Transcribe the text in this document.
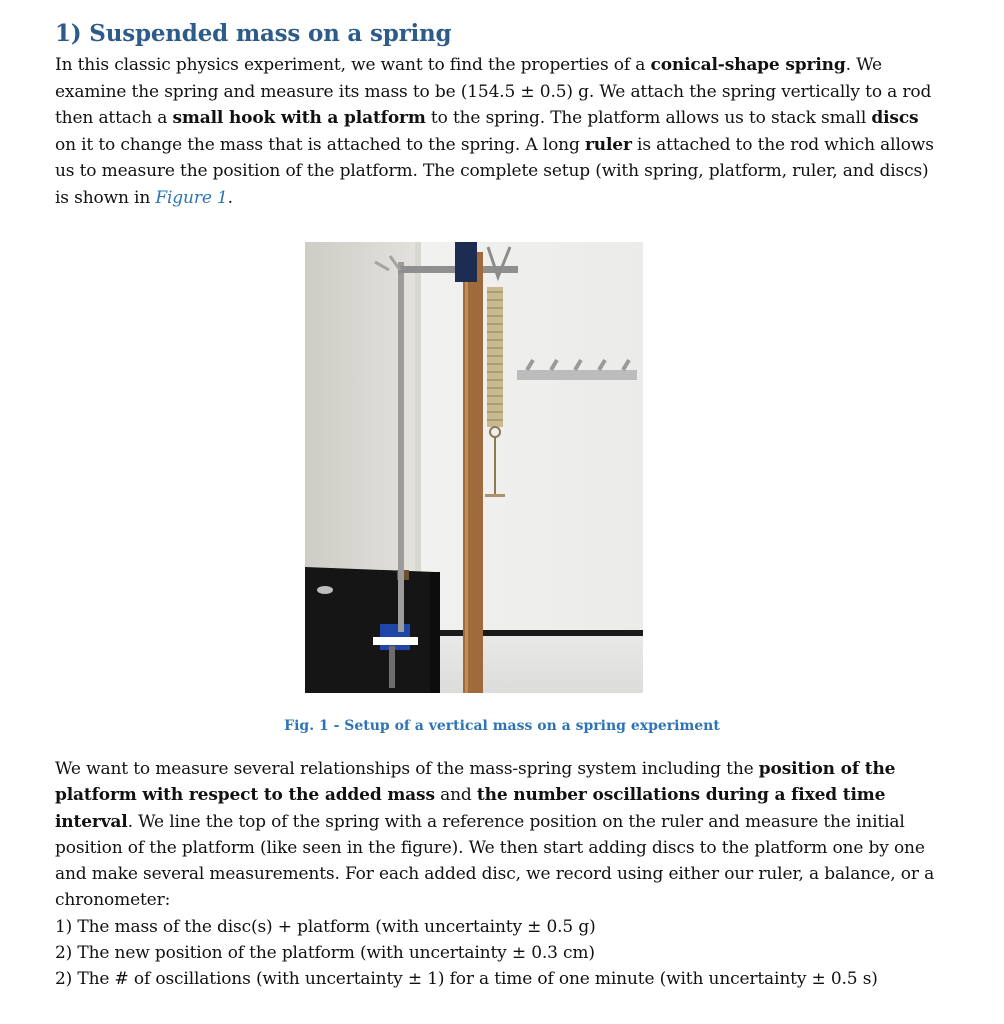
1) Suspended mass on a spring

In this classic physics experiment, we want to find the properties of a conical-shape spring. We examine the spring and measure its mass to be (154.5 ± 0.5) g. We attach the spring vertically to a rod then attach a small hook with a platform to the spring. The platform allows us to stack small discs on it to change the mass that is attached to the spring. A long ruler is attached to the rod which allows us to measure the position of the platform. The complete setup (with spring, platform, ruler, and discs) is shown in Figure 1.

Fig. 1 - Setup of a vertical mass on a spring experiment
We want to measure several relationships of the mass-spring system including the position of the platform with respect to the added mass and the number oscillations during a fixed time interval. We line the top of the spring with a reference position on the ruler and measure the initial position of the platform (like seen in the figure). We then start adding discs to the platform one by one and make several measurements. For each added disc, we record using either our ruler, a balance, or a chronometer:
1) The mass of the disc(s) + platform (with uncertainty ± 0.5 g)
2) The new position of the platform (with uncertainty ± 0.3 cm)
2) The # of oscillations (with uncertainty ± 1) for a time of one minute (with uncertainty ± 0.5 s)
